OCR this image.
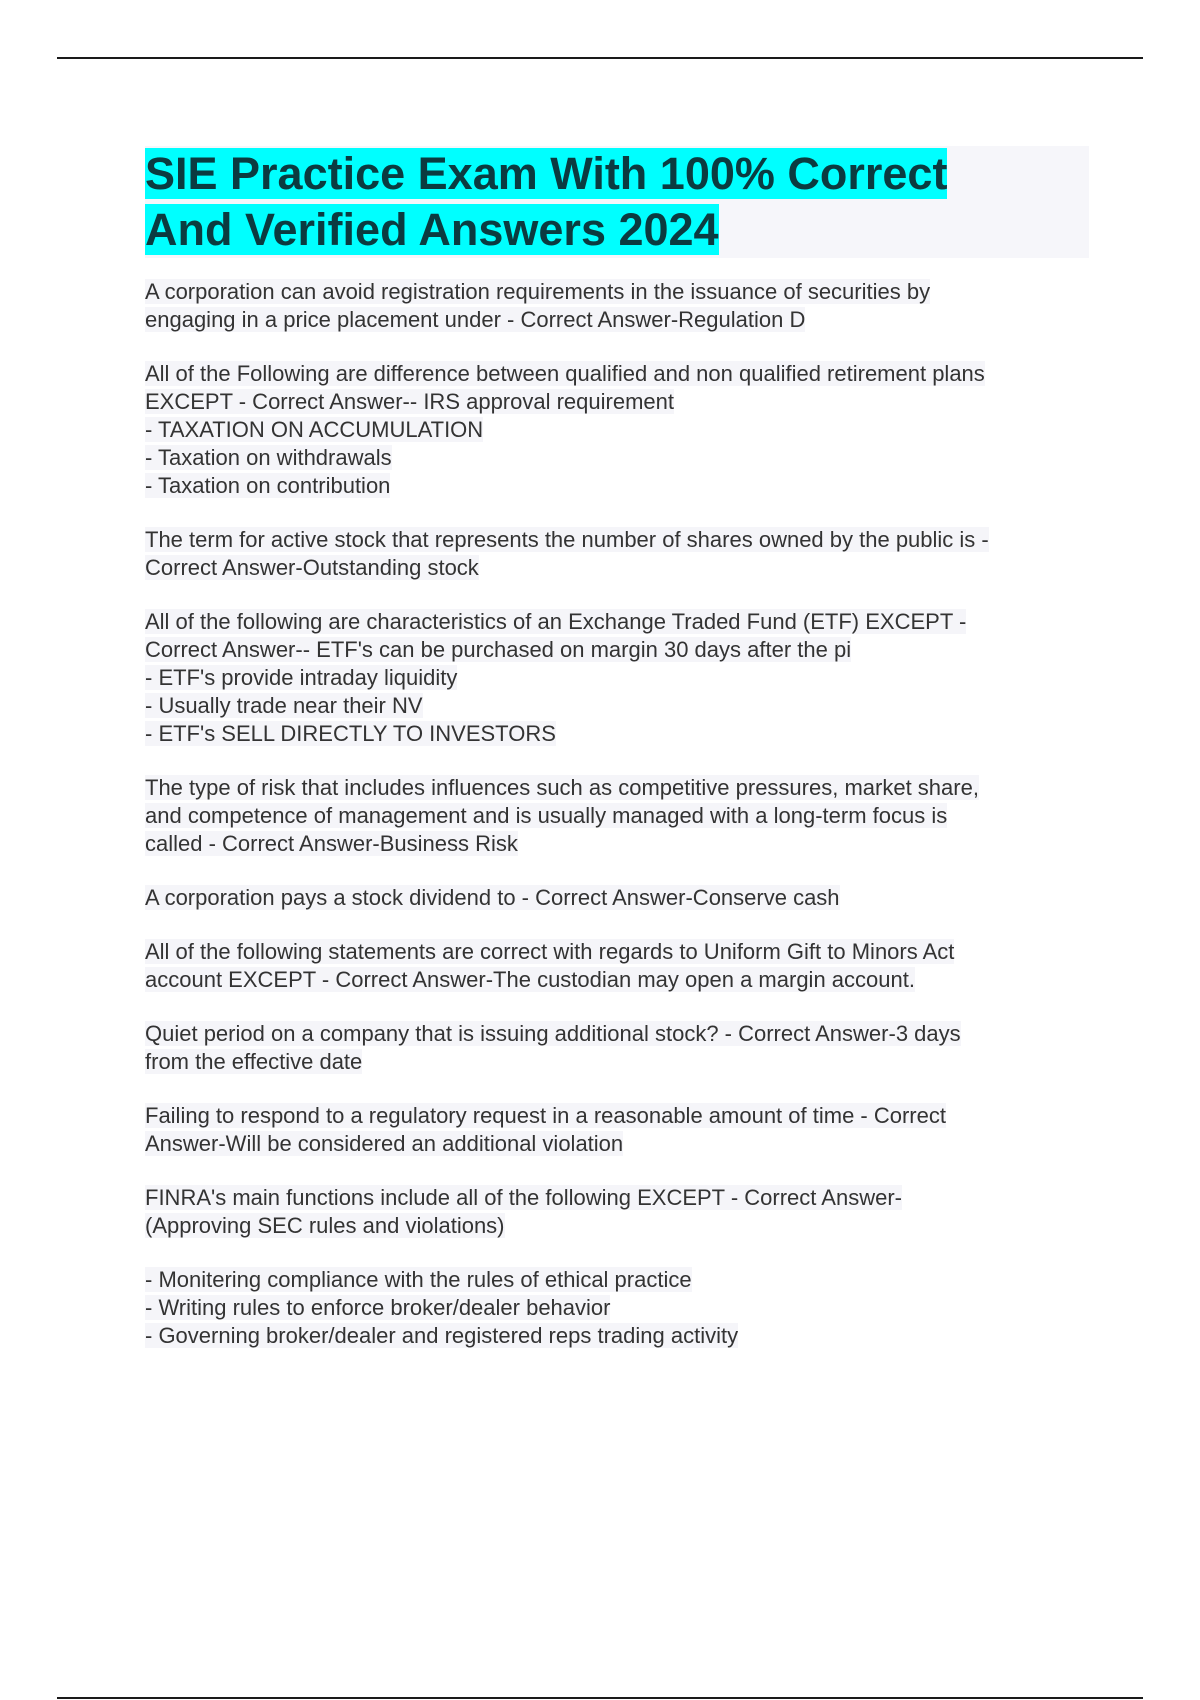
SIE Practice Exam With 100% Correct
And Verified Answers 2024
A corporation can avoid registration requirements in the issuance of securities by
engaging in a price placement under - Correct Answer-Regulation D
All of the Following are difference between qualified and non qualified retirement plans
EXCEPT - Correct Answer-- IRS approval requirement
- TAXATION ON ACCUMULATION
- Taxation on withdrawals
- Taxation on contribution
The term for active stock that represents the number of shares owned by the public is -
Correct Answer-Outstanding stock
All of the following are characteristics of an Exchange Traded Fund (ETF) EXCEPT -
Correct Answer-- ETF's can be purchased on margin 30 days after the pi
- ETF's provide intraday liquidity
- Usually trade near their NV
- ETF's SELL DIRECTLY TO INVESTORS
The type of risk that includes influences such as competitive pressures, market share,
and competence of management and is usually managed with a long-term focus is
called - Correct Answer-Business Risk
A corporation pays a stock dividend to - Correct Answer-Conserve cash
All of the following statements are correct with regards to Uniform Gift to Minors Act
account EXCEPT - Correct Answer-The custodian may open a margin account.
Quiet period on a company that is issuing additional stock? - Correct Answer-3 days
from the effective date
Failing to respond to a regulatory request in a reasonable amount of time - Correct
Answer-Will be considered an additional violation
FINRA's main functions include all of the following EXCEPT - Correct Answer-
(Approving SEC rules and violations)
- Monitering compliance with the rules of ethical practice
- Writing rules to enforce broker/dealer behavior
- Governing broker/dealer and registered reps trading activity
